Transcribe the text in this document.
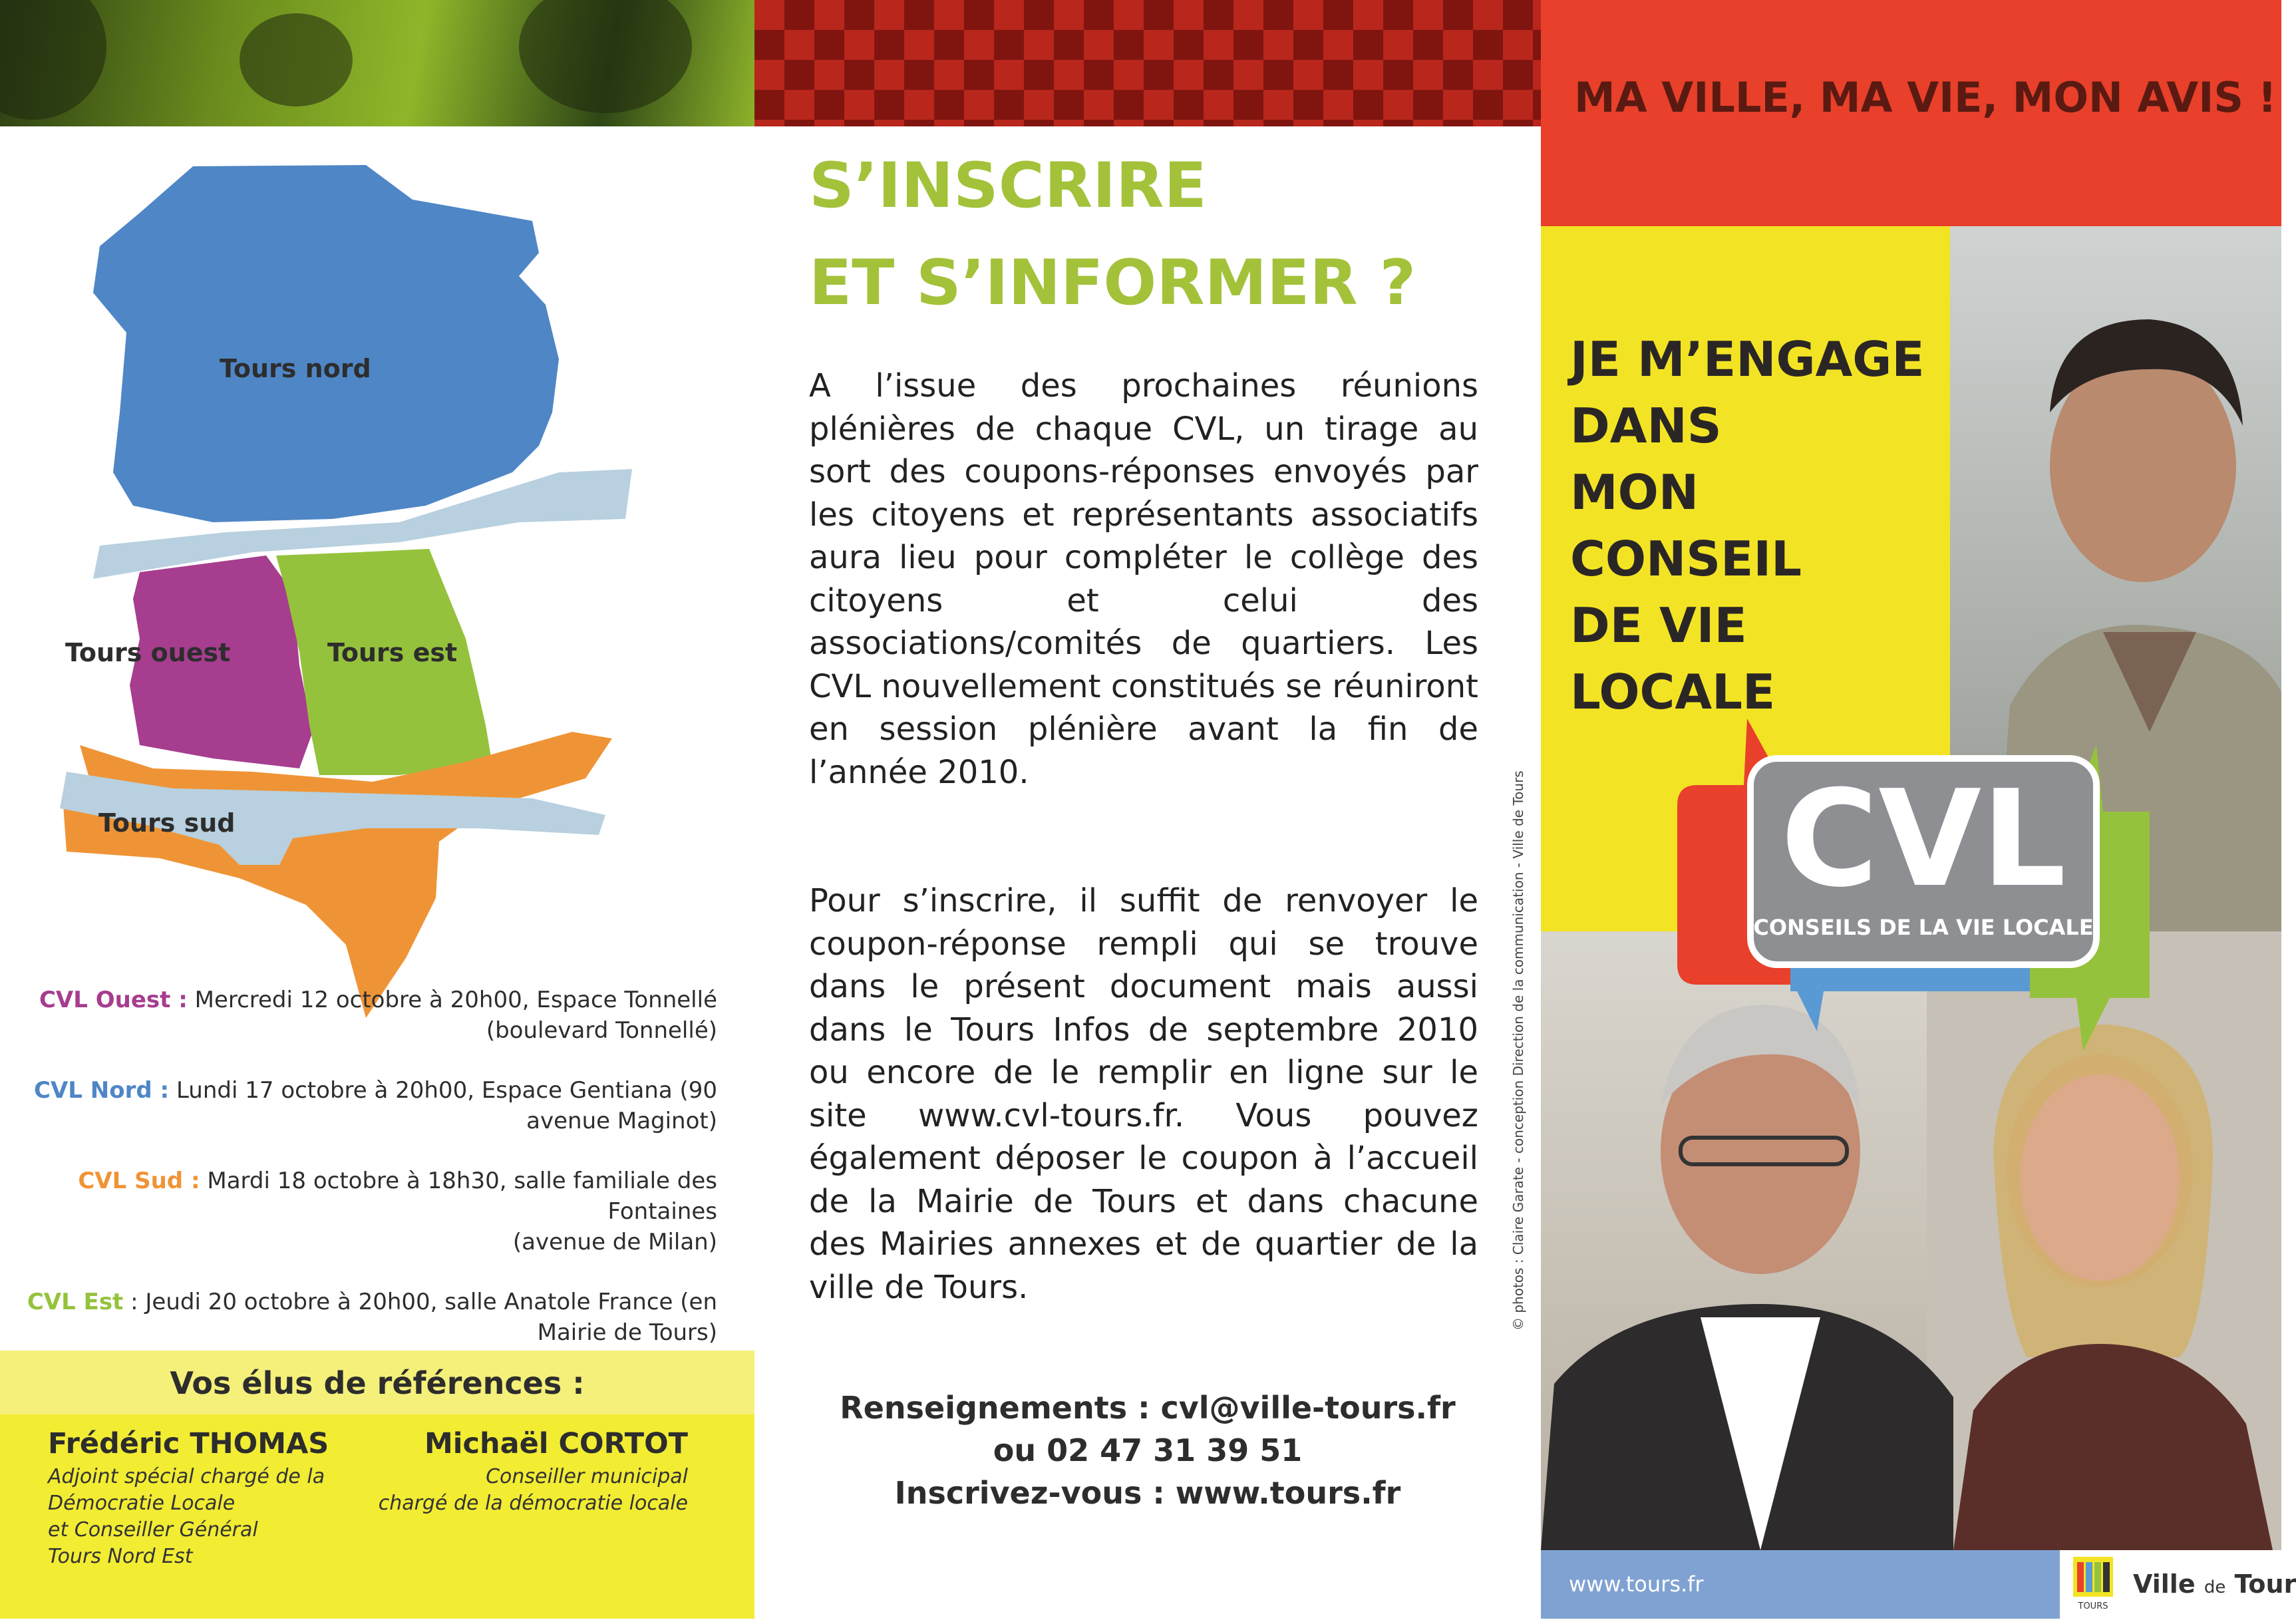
Tours nord
Tours ouest	Tours est
Tours sud
CVL Ouest : Mercredi 12 octobre à 20h00, Espace Tonnellé
(boulevard Tonnellé)
CVL Nord : Lundi 17 octobre à 20h00, Espace Gentiana (90
avenue Maginot)
CVL Sud : Mardi 18 octobre à 18h30, salle familiale des Fontaines
(avenue de Milan)
CVL Est : Jeudi 20 octobre à 20h00, salle Anatole France (en
Mairie de Tours)
Vos élus de références :
Frédéric THOMAS
Adjoint spécial chargé de la
Démocratie Locale
et Conseiller Général
Tours Nord Est
Michaël CORTOT
Conseiller municipal
chargé de la démocratie locale
S’INSCRIRE
ET S’INFORMER ?
A l’issue des prochaines réunions plénières de chaque CVL, un tirage au sort des coupons-réponses envoyés par les citoyens et représentants associatifs aura lieu pour compléter le collège des citoyens et celui des associations/comités de quartiers. Les CVL nouvellement constitués se réuniront en session plénière avant la fin de l’année 2010.
Pour s’inscrire, il suffit de renvoyer le coupon-réponse rempli qui se trouve dans le présent document mais aussi dans le Tours Infos de septembre 2010 ou encore de le remplir en ligne sur le site www.cvl-tours.fr. Vous pouvez également déposer le coupon à l’accueil de la Mairie de Tours et dans chacune des Mairies annexes et de quartier de la ville de Tours.
Renseignements : cvl@ville-tours.fr
ou 02 47 31 39 51
Inscrivez-vous : www.tours.fr
© photos : Claire Garate - conception Direction de la communication - Ville de Tours
MA VILLE, MA VIE, MON AVIS !
JE M’ENGAGE
DANS
MON CONSEIL
DE VIE
LOCALE
CVL
CONSEILS DE LA VIE LOCALE
www.tours.fr
TOURS
Ville de Tour
